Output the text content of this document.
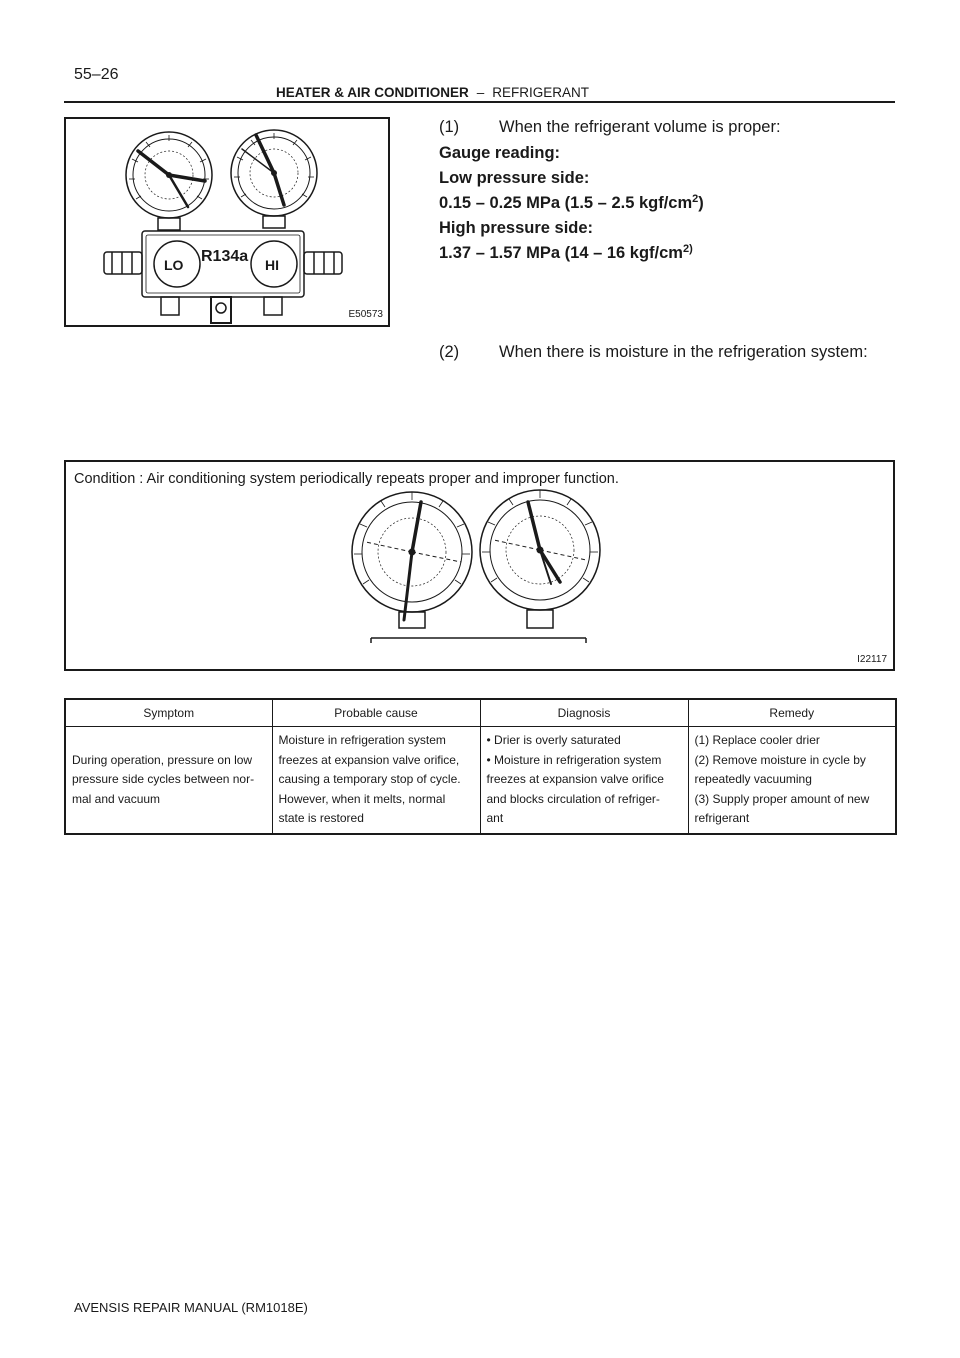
55–26
HEATER & AIR CONDITIONER – REFRIGERANT
LO R134a HI
E50573
(1) When the refrigerant volume is proper:
Gauge reading:
Low pressure side:
0.15 – 0.25 MPa (1.5 – 2.5 kgf/$cm^2$)
High pressure side:
1.37 – 1.57 MPa (14 – 16 kgf/$cm^{2)}$
(2) When there is moisture in the refrigeration system:
Condition : Air conditioning system periodically repeats proper and improper function.
I22117
Symptom	Probable cause	Diagnosis	Remedy

During operation, pressure on low
pressure side cycles between nor-
mal and vacuum	Moisture in refrigeration system
freezes at expansion valve orifice,
causing a temporary stop of cycle.
However, when it melts, normal
state is restored	• Drier is overly saturated
• Moisture in refrigeration system
freezes at expansion valve orifice
and blocks circulation of refriger-
ant	(1) Replace cooler drier
(2) Remove moisture in cycle by
repeatedly vacuuming
(3) Supply proper amount of new
refrigerant
AVENSIS REPAIR MANUAL (RM1018E)
